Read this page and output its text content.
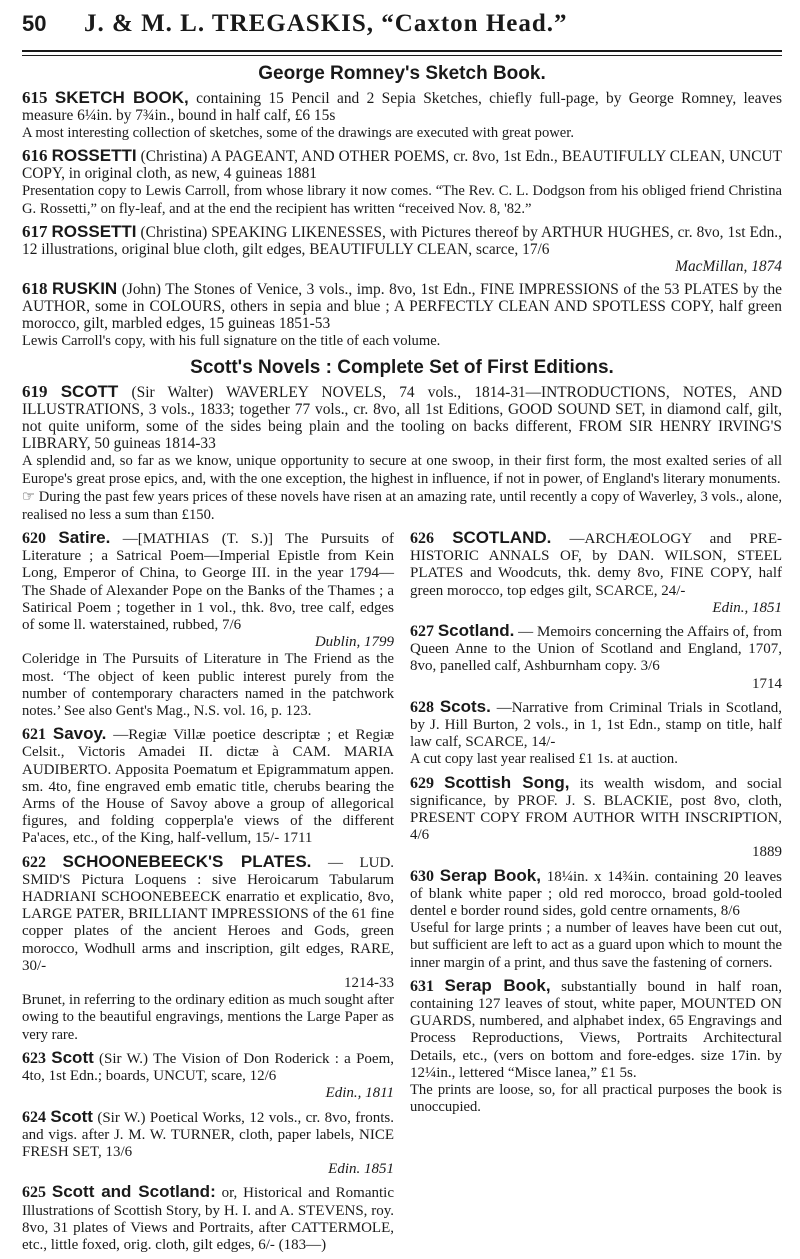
50	J. & M. L. TREGASKIS, “Caxton Head.”
George Romney's Sketch Book.

615 SKETCH BOOK, containing 15 Pencil and 2 Sepia Sketches, chiefly full-page, by George Romney, leaves measure 6¼in. by 7¾in., bound in half calf, £6 15s
A most interesting collection of sketches, some of the drawings are executed with great power.

616 ROSSETTI (Christina) A PAGEANT, AND OTHER POEMS, cr. 8vo, 1st Edn., BEAUTIFULLY CLEAN, UNCUT COPY, in original cloth, as new, 4 guineas 1881
Presentation copy to Lewis Carroll, from whose library it now comes. “The Rev. C. L. Dodgson from his obliged friend Christina G. Rossetti,” on fly-leaf, and at the end the recipient has written “received Nov. 8, '82.”

617 ROSSETTI (Christina) SPEAKING LIKENESSES, with Pictures thereof by ARTHUR HUGHES, cr. 8vo, 1st Edn., 12 illustrations, original blue cloth, gilt edges, BEAUTIFULLY CLEAN, scarce, 17/6
MacMillan, 1874

618 RUSKIN (John) The Stones of Venice, 3 vols., imp. 8vo, 1st Edn., FINE IMPRESSIONS of the 53 PLATES by the AUTHOR, some in COLOURS, others in sepia and blue ; A PERFECTLY CLEAN AND SPOTLESS COPY, half green morocco, gilt, marbled edges, 15 guineas 1851-53
Lewis Carroll's copy, with his full signature on the title of each volume.

Scott's Novels : Complete Set of First Editions.

619 SCOTT (Sir Walter) WAVERLEY NOVELS, 74 vols., 1814-31—INTRODUCTIONS, NOTES, AND ILLUSTRATIONS, 3 vols., 1833; together 77 vols., cr. 8vo, all 1st Editions, GOOD SOUND SET, in diamond calf, gilt, not quite uniform, some of the sides being plain and the tooling on backs different, FROM SIR HENRY IRVING'S LIBRARY, 50 guineas 1814-33
A splendid and, so far as we know, unique opportunity to secure at one swoop, in their first form, the most exalted series of all Europe's great prose epics, and, with the one exception, the highest in influence, if not in power, of England's literary monuments.
☞ During the past few years prices of these novels have risen at an amazing rate, until recently a copy of Waverley, 3 vols., alone, realised no less a sum than £150.

620 Satire. —[MATHIAS (T. S.)] The Pursuits of Literature ; a Satrical Poem—Imperial Epistle from Kein Long, Emperor of China, to George III. in the year 1794—The Shade of Alexander Pope on the Banks of the Thames ; a Satirical Poem ; together in 1 vol., thk. 8vo, tree calf, edges of some ll. waterstained, rubbed, 7/6
Dublin, 1799
Coleridge in The Pursuits of Literature in The Friend as the most. ‘The object of keen public interest purely from the number of contemporary characters named in the patchwork notes.’ See also Gent's Mag., N.S. vol. 16, p. 123.

621 Savoy. —Regiæ Villæ poetice descriptæ ; et Regiæ Celsit., Victoris Amadei II. dictæ à CAM. MARIA AUDIBERTO. Apposita Poematum et Epigrammatum appen. sm. 4to, fine engraved emb ematic title, cherubs bearing the Arms of the House of Savoy above a group of allegorical figures, and folding copperpla'e views of the different Pa'aces, etc., of the King, half-vellum, 15/- 1711

622 SCHOONEBEECK'S PLATES. — LUD. SMID'S Pictura Loquens : sive Heroicarum Tabularum HADRIANI SCHOONEBEECK enarratio et explicatio, 8vo, LARGE PATER, BRILLIANT IMPRESSIONS of the 61 fine copper plates of the ancient Heroes and Gods, green morocco, Wodhull arms and inscription, gilt edges, RARE, 30/-
1214-33
Brunet, in referring to the ordinary edition as much sought after owing to the beautiful engravings, mentions the Large Paper as very rare.

623 Scott (Sir W.) The Vision of Don Roderick : a Poem, 4to, 1st Edn.; boards, UNCUT, scare, 12/6
Edin., 1811

624 Scott (Sir W.) Poetical Works, 12 vols., cr. 8vo, fronts. and vigs. after J. M. W. TURNER, cloth, paper labels, NICE FRESH SET, 13/6
Edin. 1851

625 Scott and Scotland: or, Historical and Romantic Illustrations of Scottish Story, by H. I. and A. STEVENS, roy. 8vo, 31 plates of Views and Portraits, after CATTERMOLE, etc., little foxed, orig. cloth, gilt edges, 6/- (183—)

626 SCOTLAND. —ARCHÆOLOGY and PRE-HISTORIC ANNALS OF, by DAN. WILSON, STEEL PLATES and Woodcuts, thk. demy 8vo, FINE COPY, half green morocco, top edges gilt, SCARCE, 24/-
Edin., 1851

627 Scotland. — Memoirs concerning the Affairs of, from Queen Anne to the Union of Scotland and England, 1707, 8vo, panelled calf, Ashburnham copy. 3/6
1714

628 Scots. —Narrative from Criminal Trials in Scotland, by J. Hill Burton, 2 vols., in 1, 1st Edn., stamp on title, half law calf, SCARCE, 14/-
A cut copy last year realised £1 1s. at auction.

629 Scottish Song, its wealth wisdom, and social significance, by PROF. J. S. BLACKIE, post 8vo, cloth, PRESENT COPY FROM AUTHOR WITH INSCRIPTION, 4/6
1889

630 Serap Book, 18¼in. x 14¾in. containing 20 leaves of blank white paper ; old red morocco, broad gold-tooled dentel e border round sides, gold centre ornaments, 8/6
Useful for large prints ; a number of leaves have been cut out, but sufficient are left to act as a guard upon which to mount the inner margin of a print, and thus save the fastening of corners.

631 Serap Book, substantially bound in half roan, containing 127 leaves of stout, white paper, MOUNTED ON GUARDS, numbered, and alphabet index, 65 Engravings and Process Reproductions, Views, Portraits Architectural Details, etc., (vers on bottom and fore-edges. size 17in. by 12¼in., lettered “Misce lanea,” £1 5s.
The prints are loose, so, for all practical purposes the book is unoccupied.
